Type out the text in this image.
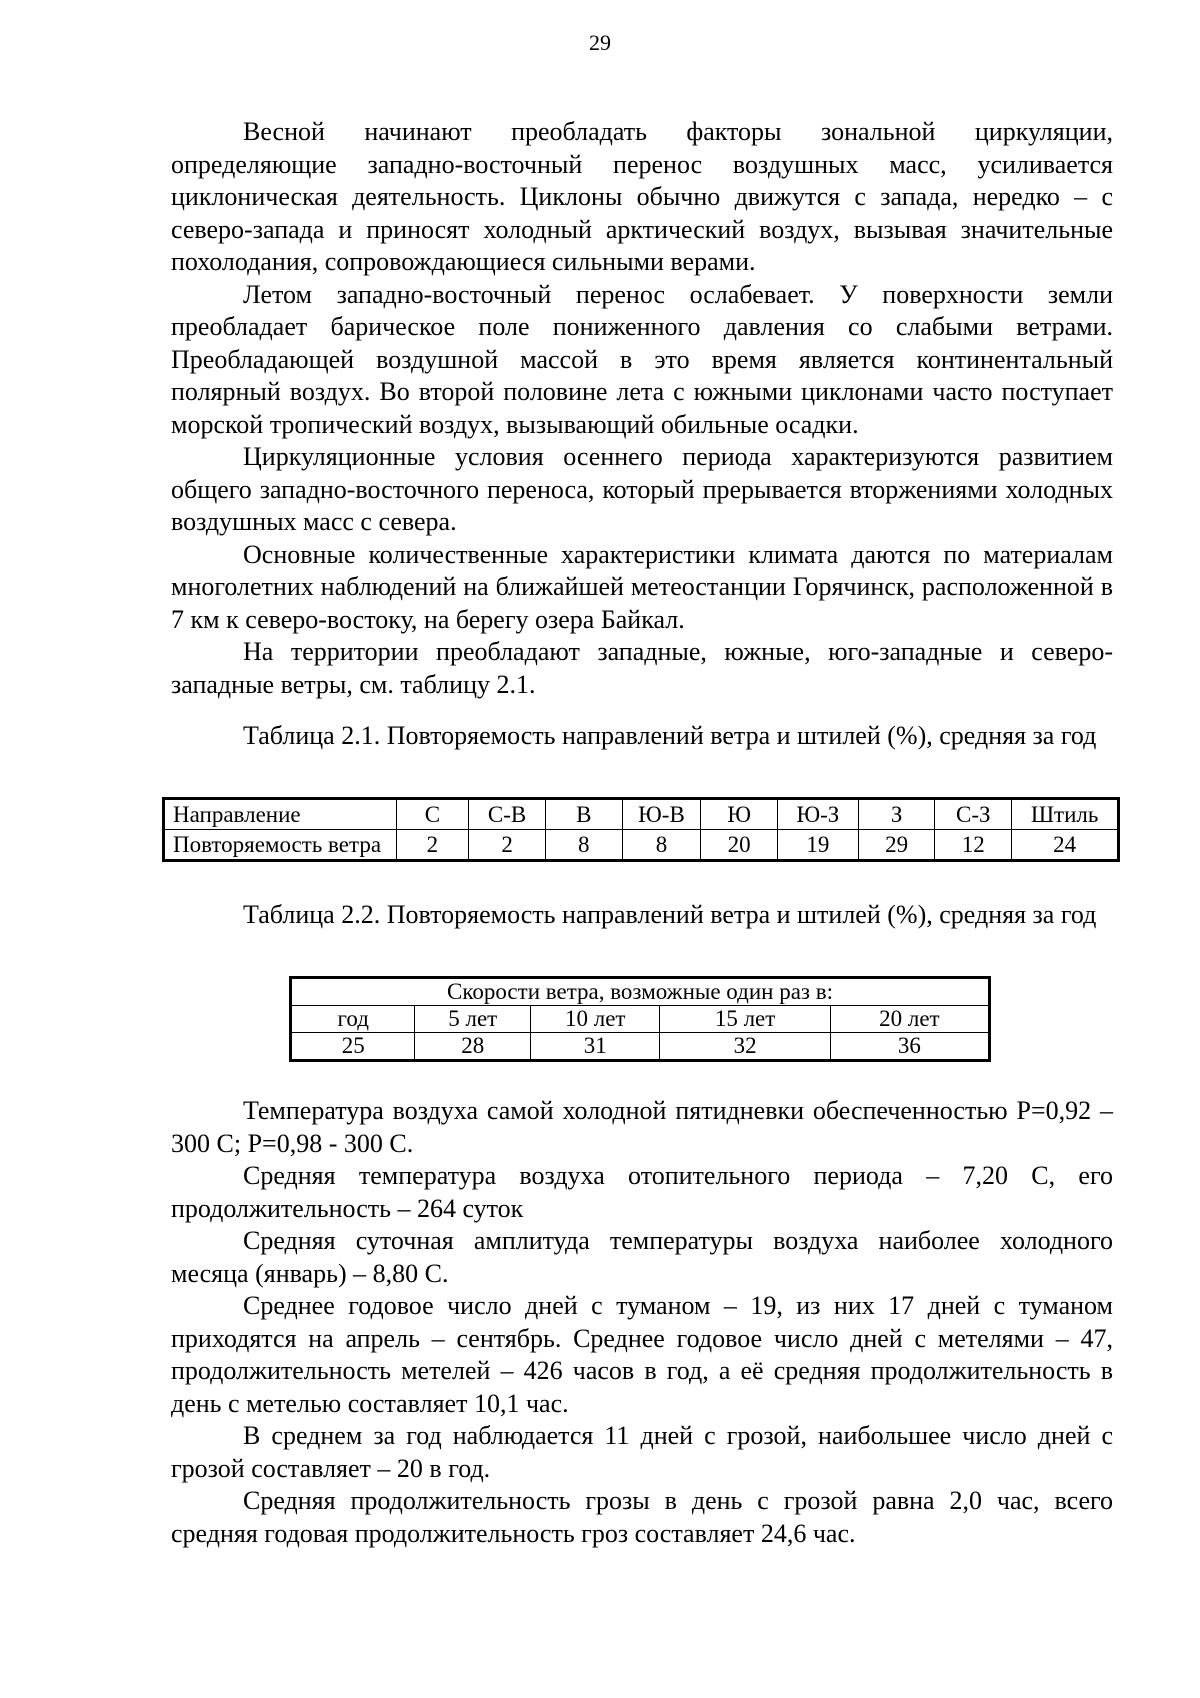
29

Весной начинают преобладать факторы зональной циркуляции, определяющие западно-восточный перенос воздушных масс, усиливается циклоническая деятельность. Циклоны обычно движутся с запада, нередко – с северо-запада и приносят холодный арктический воздух, вызывая значительные похолодания, сопровождающиеся сильными верами.

Летом западно-восточный перенос ослабевает. У поверхности земли преобладает барическое поле пониженного давления со слабыми ветрами. Преобладающей воздушной массой в это время является континентальный полярный воздух. Во второй половине лета с южными циклонами часто поступает морской тропический воздух, вызывающий обильные осадки.

Циркуляционные условия осеннего периода характеризуются развитием общего западно-восточного переноса, который прерывается вторжениями холодных воздушных масс с севера.

Основные количественные характеристики климата даются по материалам многолетних наблюдений на ближайшей метеостанции Горячинск, расположенной в 7 км к северо-востоку, на берегу озера Байкал.

На территории преобладают западные, южные, юго-западные и северо-западные ветры, см. таблицу 2.1.

Таблица 2.1. Повторяемость направлений ветра и штилей (%), средняя за год

Направление	С	С-В	В	Ю-В	Ю	Ю-З	З	С-З	Штиль
Повторяемость ветра	2	2	8	8	20	19	29	12	24

Таблица 2.2. Повторяемость направлений ветра и штилей (%), средняя за год

Скорости ветра, возможные один раз в:				
год	5 лет	10 лет	15 лет	20 лет
25	28	31	32	36

Температура воздуха самой холодной пятидневки обеспеченностью Р=0,92 – 300 С; Р=0,98 - 300 С.

Средняя температура воздуха отопительного периода – 7,20 С, его продолжительность – 264 суток

Средняя суточная амплитуда температуры воздуха наиболее холодного месяца (январь) – 8,80 С.

Среднее годовое число дней с туманом – 19, из них 17 дней с туманом приходятся на апрель – сентябрь. Среднее годовое число дней с метелями – 47, продолжительность метелей – 426 часов в год, а её средняя продолжительность в день с метелью составляет 10,1 час.

В среднем за год наблюдается 11 дней с грозой, наибольшее число дней с грозой составляет – 20 в год.

Средняя продолжительность грозы в день с грозой равна 2,0 час, всего средняя годовая продолжительность гроз составляет 24,6 час.
